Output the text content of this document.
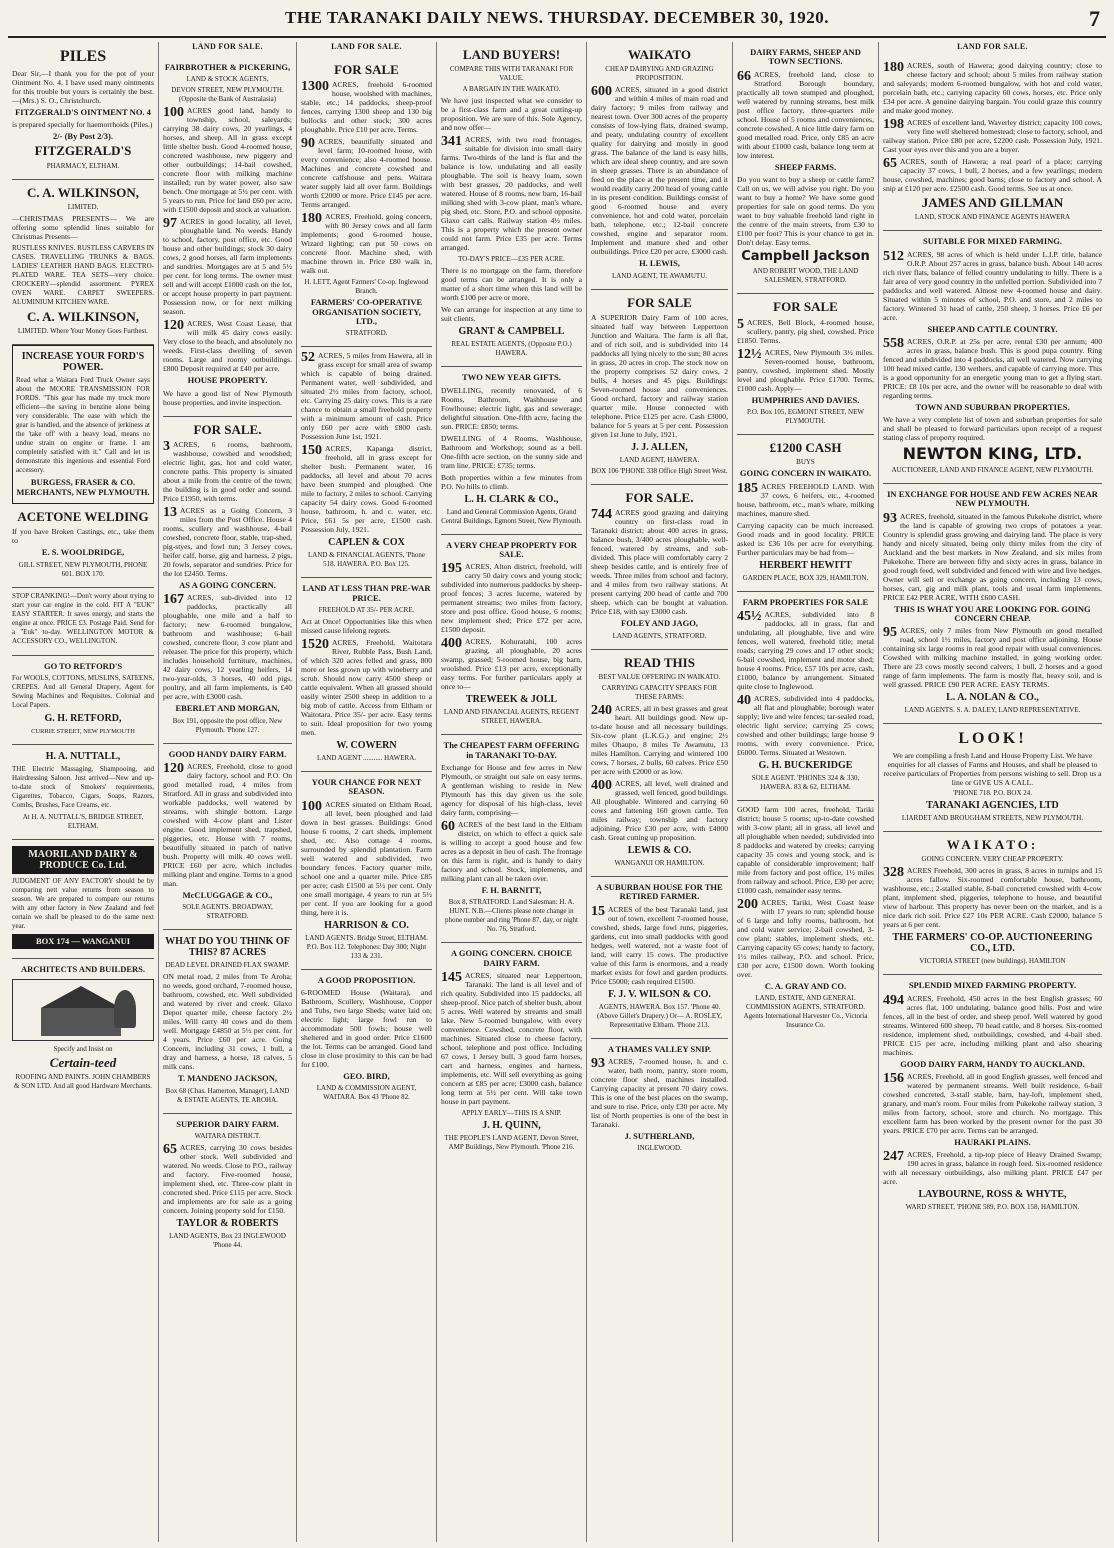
THE TARANAKI DAILY NEWS. THURSDAY. DECEMBER 30, 1920.	7
PILES

Dear Sir,—I thank you for the pot of your Ointment No. 4. I have used many ointments for this trouble but yours is certainly the best.—(Mrs.) S. O., Christchurch.

FITZGERALD'S OINTMENT NO. 4

is prepared specially for haemorrhoids (Piles.)

2/- (By Post 2/3).
FITZGERALD'S

PHARMACY, ELTHAM.

C. A. WILKINSON,

LIMITED.

—CHRISTMAS PRESENTS— We are offering some splendid lines suitable for Christmas Presents—

RUSTLESS KNIVES. RUSTLESS CARVERS IN CASES. TRAVELLING TRUNKS & BAGS. LADIES' LEATHER HAND BAGS. ELECTRO-PLATED WARE. TEA SETS—very choice. CROCKERY—splendid assortment. PYREX OVEN WARE. CARPET SWEEPERS. ALUMINIUM KITCHEN WARE.

C. A. WILKINSON,

LIMITED. Where Your Money Goes Furthest.

INCREASE YOUR FORD'S POWER.

Read what a Waitara Ford Truck Owner says about the MOORE TRANSMISSION FOR FORDS. "This gear has made my truck more efficient—the saving in benzine alone being very considerable. The ease with which the gear is handled, and the absence of jerkiness at the 'take off' with a heavy load, means no undue strain on engine or frame. I am completely satisfied with it." Call and let us demonstrate this ingenious and essential Ford accessory.

BURGESS, FRASER & CO. MERCHANTS, NEW PLYMOUTH.
ACETONE WELDING

If you have Broken Castings, etc., take them to

E. S. WOOLDRIDGE,

GILL STREET, NEW PLYMOUTH, PHONE 601. BOX 170.

STOP CRANKING!—Don't worry about trying to start your car engine in the cold. FIT A "EUK" EASY STARTER. It saves energy, and starts the engine at once. PRICE £3. Postage Paid. Send for a "Euk" to-day. WELLINGTON MOTOR & ACCESSORY CO., WELLINGTON.

GO TO RETFORD'S

For WOOLS, COTTONS, MUSLINS, SATEENS, CREPES. And all General Drapery, Agent for Sewing Machines and Requisites. Colonial and Local Papers.

G. H. RETFORD,

CURRIE STREET, NEW PLYMOUTH

H. A. NUTTALL,

THE Electric Massaging, Shampooing, and Hairdressing Saloon. Just arrived—New and up-to-date stock of Smokers' requirements, Cigarettes, Tobacco, Cigars, Soaps, Razors, Combs, Brushes, Face Creams, etc.

At H. A. NUTTALL'S, BRIDGE STREET, ELTHAM.

MAORILAND DAIRY & PRODUCE Co. Ltd.

JUDGMENT OF ANY FACTORY should be by comparing nett value returns from season to season. We are prepared to compare our returns with any other factory in New Zealand and feel certain we shall be pleased to do the same next year.

BOX 174 — WANGANUI
ARCHITECTS AND BUILDERS.

Specify and Insist on

Certain-teed

ROOFING AND PAINTS. JOHN CHAMBERS & SON LTD. And all good Hardware Merchants.

LAND FOR SALE.
FAIRBROTHER & PICKERING,

LAND & STOCK AGENTS,

DEVON STREET, NEW PLYMOUTH. (Opposite the Bank of Australasia)

100 ACRES good land, handy to township, school, saleyards; carrying 38 dairy cows, 20 yearlings, 4 horses, and sheep. All in grass except little shelter bush. Good 4-roomed house, concreted washhouse, new piggery and other outbuildings; 14-bail cowshed, concrete floor with milking machine installed; run by water power, also saw bench. One mortgage at 5½ per cent. with 5 years to run. Price for land £60 per acre, with £1500 deposit and stock at valuation.

97 ACRES in good locality, all level, ploughable land. No weeds. Handy to school, factory, post office, etc. Good house and other buildings; stock 30 dairy cows, 2 good horses, all farm implements and sundries. Mortgages are at 5 and 5½ per cent. for long terms. The owner must sell and will accept £1000 cash on the lot, or accept house property in part payment. Possession now, or for next milking season.

120 ACRES, West Coast Lease, that will milk 45 dairy cows easily. Very close to the beach, and absolutely no weeds. First-class dwelling of seven rooms. Large and roomy outbuildings. £800 Deposit required at £40 per acre.

HOUSE PROPERTY.

We have a good list of New Plymouth house properties, and invite inspection.

FOR SALE.

3 ACRES, 6 rooms, bathroom, washhouse, cowshed and woodshed; electric light, gas, hot and cold water, concrete paths. This property is situated about a mile from the centre of the town; the building is in good order and sound. Price £1950, with terms.

13 ACRES as a Going Concern, 3 miles from the Post Office. House 4 rooms, scullery and washhouse, 4-bail cowshed, concrete floor, stable, trap-shed, pig-styes, and fowl run; 3 Jersey cows, heifer calf, horse, gig and harness, 2 pigs, 20 fowls, separator and sundries. Price for the lot £2450. Terms.

AS A GOING CONCERN.

167 ACRES, sub-divided into 12 paddocks, practically all ploughable, one mile and a half to factory; new 6-roomed bungalow, bathroom and washhouse; 6-bail cowshed, concrete floor, 3 cow plant and releaser. The price for this property, which includes household furniture, machines, 42 dairy cows, 12 yearling heifers, 14 two-year-olds, 3 horses, 40 odd pigs, poultry, and all farm implements, is £40 per acre, with £3000 cash.

EBERLET AND MORGAN,

Box 191, opposite the post office, New Plymouth. 'Phone 127.

GOOD HANDY DAIRY FARM.

120 ACRES, Freehold, close to good dairy factory, school and P.O. On good metalled road, 4 miles from Stratford. All in grass and subdivided into workable paddocks, well watered by streams, with shingle bottom. Large cowshed with 4-cow plant and Lister engine. Good implement shed, trapshed, piggeries, etc. House with 7 rooms, beautifully situated in patch of native bush. Property will milk 40 cows well. PRICE £60 per acre, which includes milking plant and engine. Terms to a good man.

McCLUGGAGE & CO.,

SOLE AGENTS. BROADWAY, STRATFORD.

WHAT DO YOU THINK OF THIS? 87 ACRES

DEAD LEVEL DRAINED FLAX SWAMP.

ON metal road, 2 miles from Te Aroha; no weeds, good orchard, 7-roomed house, bathroom, cowshed, etc. Well subdivided and watered by river and creek. Glaxo Depot quarter mile, cheese factory 2½ miles. Will carry 40 cows and do them well. Mortgage £4850 at 5½ per cent. for 4 years. Price £60 per acre. Going Concern, including 31 cows, 1 bull, a dray and harness, a horse, 18 calves, 5 milk cans.

T. MANDENO JACKSON,

Box 68 (Chas. Hamerton, Manager), LAND & ESTATE AGENTS, TE AROHA.

SUPERIOR DAIRY FARM.

WAITARA DISTRICT.

65 ACRES, carrying 30 cows besides other stock. Well subdivided and watered. No weeds. Close to P.O., railway and factory. Five-roomed house, implement shed, etc. Three-cow plant in concreted shed. Price £115 per acre. Stock and implements are for sale as a going concern. Joining property sold for £150.

TAYLOR & ROBERTS

LAND AGENTS, Box 23 INGLEWOOD 'Phone 44.

LAND FOR SALE.
FOR SALE

1300 ACRES, freehold 6-roomed house, woolshed with machines, stable, etc.; 14 paddocks, sheep-proof fences, carrying 1300 sheep and 130 big bullocks and other stock; 300 acres ploughable. Price £10 per acre. Terms.

90 ACRES, beautifully situated and level farm; 10-roomed house, with every convenience; also 4-roomed house. Machines and concrete cowshed and concrete calfshouse and pens. Waitara water supply laid all over farm. Buildings worth £2000 or more. Price £145 per acre. Terms arranged.

180 ACRES, Freehold, going concern, with 80 Jersey cows and all farm implements; good 6-roomed house, Wizard lighting; can put 50 cows on concrete floor. Machine shed, with machine thrown in. Price £80 walk in, walk out.

H. LETT, Agent Farmers' Co-op. Inglewood Branch.

FARMERS' CO-OPERATIVE ORGANISATION SOCIETY, LTD.,

STRATFORD.

52 ACRES, 5 miles from Hawera, all in grass except for small area of swamp which is capable of being drained. Permanent water, well subdivided, and situated 2½ miles from factory, school, etc. Carrying 25 dairy cows. This is a rare chance to obtain a small freehold property with a minimum amount of cash. Price only £60 per acre with £800 cash. Possession June 1st, 1921.

150 ACRES, Kapanga district, freehold, all in grass except for shelter bush. Permanent water, 16 paddocks, all level and about 70 acres have been stumped and ploughed. One mile to factory, 2 miles to school. Carrying capacity 54 dairy cows. Good 6-roomed house, bathroom, h. and c. water, etc. Price, £61 5s per acre, £1500 cash. Possession July, 1921.

CAPLEN & COX

LAND & FINANCIAL AGENTS, 'Phone 518. HAWERA. P.O. Box 125.

LAND AT LESS THAN PRE-WAR PRICE.

FREEHOLD AT 35/- PER ACRE.

Act at Once! Opportunities like this when missed cause lifelong regrets.

1520 ACRES, Freehold, Waitotara River, Rubble Pass, Bush Land, of which 320 acres felled and grass, 800 more or less grown up with wineberry and scrub. Should now carry 4500 sheep or cattle equivalent. When all grassed should easily winter 2500 sheep in addition to a big mob of cattle. Access from Eltham or Waitotara. Price 35/- per acre. Easy terms to suit. Ideal proposition for two young men.

W. COWERN

LAND AGENT ........... HAWERA.

YOUR CHANCE FOR NEXT SEASON.

100 ACRES situated on Eltham Road, all level, been ploughed and laid down in best grasses. Buildings: Good house 6 rooms, 2 cart sheds, implement shed, etc. Also cottage 4 rooms, surrounded by splendid plantation. Farm well watered and subdivided, two boundary fences. Factory quarter mile, school one and a quarter mile. Price £85 per acre; cash £1500 at 5½ per cent. Only one small mortgage, 4 years to run at 5½ per cent. If you are looking for a good thing, here it is.

HARRISON & CO.

LAND AGENTS. Bridge Street, ELTHAM. P.O. Box 112. Telephones: Day 300; Night 133 & 231.

A GOOD PROPOSITION.

6-ROOMED House (Waitara), and Bathroom, Scullery, Washhouse, Copper and Tubs, two large Sheds; water laid on; electric light; large fowl run to accommodate 500 fowls; house well sheltered and in good order. Price £1600 the lot. Terms can be arranged. Good land close in close proximity to this can be had for £100.

GEO. BIRD,

LAND & COMMISSION AGENT, WAITARA. Box 43 'Phone 82.

LAND BUYERS!

COMPARE THIS WITH TARANAKI FOR VALUE.

A BARGAIN IN THE WAIKATO.

We have just inspected what we consider to be a first-class farm and a great cutting-up proposition. We are sure of this. Sole Agency, and now offer—

341 ACRES, with two road frontages, suitable for division into small dairy farms. Two-thirds of the land is flat and the balance is low, undulating and all easily ploughable. The soil is heavy loam, sown with best grasses, 20 paddocks, and well watered. House of 8 rooms, new barn, 16-bail milking shed with 3-cow plant, man's whare, pig shed, etc. Store, P.O. and school opposite. Glaxo cart calls. Railway station 4½ miles. This is a property which the present owner could not farm. Price £35 per acre. Terms arranged.

TO-DAY'S PRICE—£35 PER ACRE.

There is no mortgage on the farm, therefore good terms can be arranged. It is only a matter of a short time when this land will be worth £100 per acre or more.

We can arrange for inspection at any time to suit clients.

GRANT & CAMPBELL

REAL ESTATE AGENTS, (Opposite P.O.) HAWERA.

TWO NEW YEAR GIFTS.

DWELLING, recently renovated, of 6 Rooms, Bathroom, Washhouse and Fowlhouse; electric light, gas and sewerage; delightful situation. One-fifth acre, facing the sun. PRICE: £850; terms.

DWELLING of 4 Rooms, Washhouse, Bathroom and Workshop; sound as a bell. One-fifth acre section, on the sunny side and tram line. PRICE: £735; terms.

Both properties within a few minutes from P.O. No hills to climb.

L. H. CLARK & CO.,

Land and General Commission Agents, Grand Central Buildings, Egmont Street, New Plymouth.

A VERY CHEAP PROPERTY FOR SALE.

195 ACRES, Alton district, freehold, will carry 50 dairy cows and young stock; subdivided into numerous paddocks by sheep-proof fences; 3 acres lucerne, watered by permanent streams; two miles from factory, store and post office. Good house, 6 rooms; new implement shed; Price £72 per acre, £1500 deposit.

400 ACRES, Kohuratahi, 100 acres grazing, all ploughable, 20 acres swamp, grassed; 5-roomed house, big barn, woolshed. Price £13 per acre, exceptionally easy terms. For further particulars apply at once to—

TREWEEK & JOLL

LAND AND FINANCIAL AGENTS, REGENT STREET, HAWERA.

The CHEAPEST FARM OFFERING in TARANAKI TO-DAY.

Exchange for House and few acres in New Plymouth, or straight out sale on easy terms. A gentleman wishing to reside in New Plymouth has this day given us the sole agency for disposal of his high-class, level dairy farm, comprising—

60 ACRES of the best land in the Eltham district, on which to effect a quick sale is willing to accept a good house and few acres as a deposit in lieu of cash. The frontage on this farm is right, and is handy to dairy factory and school. Stock, implements, and milking plant can all be taken over.

F. H. BARNITT,

Box 8, STRATFORD. Land Salesman: H. A. HUNT. N.B.—Clients please note change in phone number and ring 'Phone 87, day, or night No. 76, Stratford.

A GOING CONCERN. CHOICE DAIRY FARM.

145 ACRES, situated near Leppertoon, Taranaki. The land is all level and of rich quality. Subdivided into 15 paddocks, all sheep-proof. Nice patch of shelter bush, about 5 acres. Well watered by streams and small lake. New 5-roomed bungalow, with every convenience. Cowshed, concrete floor, with machines. Situated close to cheese factory, school, telephone and post office. Including 67 cows, 1 Jersey bull, 3 good farm horses, cart and harness, engines and harness, implements, etc. Will sell everything as going concern at £85 per acre; £3000 cash, balance long term at 5½ per cent. Will take town house in part payment.

APPLY EARLY—THIS IS A SNIP.

J. H. QUINN,

THE PEOPLE'S LAND AGENT, Devon Street, AMP Buildings, New Plymouth. 'Phone 216.

WAIKATO

CHEAP DAIRYING AND GRAZING PROPOSITION.

600 ACRES, situated in a good district and within 4 miles of main road and dairy factory; 9 miles from railway and nearest town. Over 300 acres of the property consists of low-lying flats, drained swamp, and peaty, undulating country of excellent quality for dairying and mostly in good grass. The balance of the land is easy hills, which are ideal sheep country, and are sown in sheep grasses. There is an abundance of feed on the place at the present time, and it would readily carry 200 head of young cattle in its present condition. Buildings consist of good 6-roomed house and every convenience, hot and cold water, porcelain bath, telephone, etc.; 12-bail concrete cowshed, engine and separator room. Implement and manure shed and other outbuildings. Price £20 per acre, £3000 cash.

H. LEWIS,

LAND AGENT, TE AWAMUTU.

FOR SALE

A SUPERIOR Dairy Farm of 100 acres, situated half way between Leppertoon Junction and Waitara. The farm is all flat, and of rich soil, and is subdivided into 14 paddocks all lying nicely to the sun; 80 acres in grass, 20 acres in crop. The stock now on the property comprises 52 dairy cows, 2 bulls, 4 horses and 45 pigs. Buildings: Seven-roomed house and conveniences. Good orchard, factory and railway station quarter mile. House connected with telephone. Price £125 per acre. Cash £3000, balance for 5 years at 5 per cent. Possession given 1st June to July, 1921.

J. J. ALLEN,

LAND AGENT, HAWERA.

BOX 106 'PHONE 338 Office High Street West.

FOR SALE.

744 ACRES good grazing and dairying country on first-class road in Taranaki district; about 400 acres in grass, balance bush, 3/400 acres ploughable, well-fenced, watered by streams, and sub-divided. This place will comfortably carry 2 sheep besides cattle, and is entirely free of weeds. Three miles from school and factory, and 4 miles from two railway stations. At present carrying 200 head of cattle and 700 sheep, which can be bought at valuation. Price £18, with say £3000 cash.

FOLEY AND JAGO,

LAND AGENTS, STRATFORD.

READ THIS

BEST VALUE OFFERING IN WAIKATO.

CARRYING CAPACITY SPEAKS FOR THESE FARMS:

240 ACRES, all in best grasses and great heart. All buildings good. New up-to-date house and all necessary buildings. Six-cow plant (L.K.G.) and engine; 2½ miles Ohaupo, 8 miles Te Awamutu, 13 miles Hamilton. Carrying and wintered 100 cows, 7 horses, 2 bulls, 60 calves. Price £50 per acre with £2000 or as low.

400 ACRES, all level, well drained and grassed, well fenced, good buildings. All ploughable. Wintered and carrying 60 cows and fattening 160 grown cattle. Ten miles railway; township and factory adjoining. Price £30 per acre, with £4000 cash. Great cutting up proposition.

LEWIS & CO.

WANGANUI OR HAMILTON.

A SUBURBAN HOUSE FOR THE RETIRED FARMER.

15 ACRES of the best Taranaki land, just out of town, excellent 7-roomed house, cowshed, sheds, large fowl runs, piggeries, gardens, cut into small paddocks with good hedges, well watered, not a waste foot of land, will carry 15 cows. The productive value of this farm is enormous, and a ready market exists for fowl and garden products. Price £5000; cash required £1500.

F. J. V. WILSON & CO.

AGENTS, HAWERA. Box 157. 'Phone 40. (Above Gillet's Drapery.) Or— A. ROSLEY, Representative Eltham. 'Phone 213.

A THAMES VALLEY SNIP.

93 ACRES, 7-roomed house, h. and c. water, bath room, pantry, store room, concrete floor shed, machines installed. Carrying capacity at present 70 dairy cows. This is one of the best places on the swamp, and sure to rise. Price, only £30 per acre. My list of North properties is one of the best in Taranaki.

J. SUTHERLAND,

INGLEWOOD.

DAIRY FARMS, SHEEP AND TOWN SECTIONS.

66 ACRES, freehold land, close to Stratford Borough boundary, practically all town stumped and ploughed, well watered by running streams, best milk post office factory, three-quarters mile school. House of 5 rooms and conveniences, concrete cowshed. A nice little dairy farm on good metalled road. Price, only £85 an acre with about £1000 cash, balance long term at low interest.

SHEEP FARMS.

Do you want to buy a sheep or cattle farm? Call on us, we will advise you right. Do you want to buy a home? We have some good properties for sale on good terms. Do you want to buy valuable freehold land right in the centre of the main streets, from £30 to £100 per foot? This is your chance to get in. Don't delay. Easy terms.

Campbell Jackson

AND ROBERT WOOD, THE LAND SALESMEN, STRATFORD.

FOR SALE

5 ACRES, Bell Block, 4-roomed house, scullery, pantry, pig shed, cowshed. Price £1850. Terms.

12½ ACRES, New Plymouth 3½ miles. Seven-roomed house, bathroom, pantry, cowshed, implement shed. Mostly level and ploughable. Price £1700. Terms, £1000 cash. Apply—

HUMPHRIES AND DAVIES.

P.O. Box 105, EGMONT STREET, NEW PLYMOUTH.

£1200 CASH

BUYS

GOING CONCERN IN WAIKATO.

185 ACRES FREEHOLD LAND. With 37 cows, 6 heifers, etc., 4-roomed house, bathroom, etc., man's whare, milking machines, manure shed.

Carrying capacity can be much increased. Good roads and in good locality. PRICE asked is: £36 10s per acre for everything. Further particulars may be had from—

HERBERT HEWITT

GARDEN PLACE, BOX 329, HAMILTON.

FARM PROPERTIES FOR SALE

45½ ACRES, subdivided into 8 paddocks, all in grass, flat and undulating, all ploughable, live and wire fences, well watered, freehold title; metal roads; carrying 29 cows and 17 other stock; 6-bail cowshed, implement and motor shed; house 4 rooms. Price, £57 10s per acre, cash, £1000, balance by arrangement. Situated quite close to Inglewood.

40 ACRES, subdivided into 4 paddocks, all flat and ploughable; borough water supply; live and wire fences; tar-sealed road, electric light service; carrying 25 cows; cowshed and other buildings; large house 9 rooms, with every convenience. Price, £6000. Terms. Situated at Westown.

G. H. BUCKERIDGE

SOLE AGENT. 'PHONES 324 & 330, HAWERA. 83 & 62, ELTHAM.

GOOD farm 100 acres, freehold, Tariki district; house 5 rooms; up-to-date cowshed with 3-cow plant; all in grass, all level and all ploughable when needed; subdivided into 8 paddocks and watered by creeks; carrying capacity 35 cows and young stock, and is capable of considerable improvement; half mile from factory and post office, 1½ miles from railway and school. Price, £30 per acre; £1000 cash, remainder easy terms.

200 ACRES, Tariki, West Coast lease with 17 years to run; splendid house of 6 large and lofty rooms, bathroom, hot and cold water service; 2-bail cowshed, 3-cow plant; stables, implement sheds, etc. Carrying capacity 65 cows; handy to factory, 1½ miles railway, P.O. and school. Price, £30 per acre, £1500 down. Worth looking over.

C. A. GRAY AND CO.

LAND, ESTATE, AND GENERAL COMMISSION AGENTS, STRATFORD. Agents International Harvester Co., Victoria Insurance Co.

LAND FOR SALE.

180 ACRES, south of Hawera; good dairying country; close to cheese factory and school; about 5 miles from railway station and saleyards; modern 6-roomed bungalow, with hot and cold water, porcelain bath, etc.; carrying capacity 60 cows, horses, etc. Price only £34 per acre. A genuine dairying bargain. You could graze this country and make good money.

198 ACRES of excellent land, Waverley district; capacity 100 cows, very fine well sheltered homestead; close to factory, school, and railway station. Price £80 per acre, £2200 cash. Possession July, 1921. Cast your eyes over this and you are a buyer.

65 ACRES, south of Hawera; a real pearl of a place; carrying capacity 37 cows, 1 bull, 2 horses, and a few yearlings; modern house, cowshed, machines; good barns; close to factory and school. A snip at £120 per acre. £2500 cash. Good terms. See us at once.

JAMES AND GILLMAN

LAND, STOCK AND FINANCE AGENTS HAWERA

SUITABLE FOR MIXED FARMING.

512 ACRES, 98 acres of which is held under L.I.P. title, balance O.R.P. About 257 acres in grass, balance bush. About 140 acres rich river flats, balance of felled country undulating to hilly. There is a fair area of very good country in the unfelled portion. Subdivided into 7 paddocks and well watered. Almost new 4-roomed house and dairy. Situated within 5 minutes of school, P.O. and store, and 2 miles to factory. Wintered 31 head of cattle, 250 sheep, 3 horses. Price £6 per acre.

SHEEP AND CATTLE COUNTRY.

558 ACRES, O.R.P. at 25s per acre, rental £30 per annum; 400 acres in grass, balance bush. This is good pupa country. Ring fenced and subdivided into 4 paddocks, all well watered. Now carrying 100 head mixed cattle, 130 wethers, and capable of carrying more. This is a good opportunity for an energetic young man to get a flying start. PRICE: £8 10s per acre, and the owner will be reasonable to deal with regarding terms.

TOWN AND SUBURBAN PROPERTIES.

We have a very complete list of town and suburban properties for sale and shall be pleased to forward particulars upon receipt of a request stating class of property required.

NEWTON KING, LTD.

AUCTIONEER, LAND AND FINANCE AGENT, NEW PLYMOUTH.

IN EXCHANGE FOR HOUSE AND FEW ACRES NEAR NEW PLYMOUTH.

93 ACRES, freehold, situated in the famous Pukekohe district, where the land is capable of growing two crops of potatoes a year. Country is splendid grass growing and dairying land. The place is very handy and nicely situated, being only thirty miles from the city of Auckland and the best markets in New Zealand, and six miles from Pukekohe. There are between fifty and sixty acres in grass, balance in good rough feed, well subdivided and fenced with wire and live hedges. Owner will sell or exchange as going concern, including 13 cows, horses, cart, gig and milk plant, tools and usual farm implements. PRICE £42 PER ACRE, WITH £600 CASH.

THIS IS WHAT YOU ARE LOOKING FOR. GOING CONCERN CHEAP.

95 ACRES, only 7 miles from New Plymouth on good metalled road, school 1½ miles, factory and post office adjoining. House containing six large rooms in real good repair with usual conveniences. Cowshed with milking machine installed, in going working order. There are 23 cows mostly second calvers, 1 bull, 2 horses and a good range of farm implements. The farm is mostly flat, heavy soil, and is well grassed. PRICE £90 PER ACRE. EASY TERMS.

L. A. NOLAN & CO.,

LAND AGENTS. S. A. DALEY, LAND REPRESENTATIVE.

LOOK!

We are compiling a fresh Land and House Property List. We have enquiries for all classes of Farms and Houses, and shall be pleased to receive particulars of Properties from persons wishing to sell. Drop us a line or GIVE US A CALL.

'PHONE 718. P.O. BOX 24.

TARANAKI AGENCIES, LTD

LIARDET AND BROUGHAM STREETS, NEW PLYMOUTH.

WAIKATO:

GOING CONCERN. VERY CHEAP PROPERTY.

328 ACRES Freehold, 300 acres in grass, 8 acres in turnips and 15 acres fallow. Six-roomed comfortable house, bathroom, washhouse, etc.; 2-stalled stable, 8-bail concreted cowshed with 4-cow plant, implement shed, piggeries, telephone to house, and beautiful view of harbour. This property has never been on the market, and is a nice dark rich soil. Price £27 10s PER ACRE. Cash £2000, balance 5 years at 6 per cent.

THE FARMERS' CO-OP. AUCTIONEERING CO., LTD.

VICTORIA STREET (new buildings). HAMILTON

SPLENDID MIXED FARMING PROPERTY.

494 ACRES, Freehold, 450 acres in the best English grasses; 60 acres flat, 100 undulating, balance good hills. Post and wire fences, all in the best of order, and sheep proof. Well watered by good streams. Wintered 600 sheep, 70 head cattle, and 8 horses. Six-roomed residence, implement shed, outbuildings, cowshed, and 4-bail shed. PRICE £15 per acre, including milking plant and also shearing machines.

GOOD DAIRY FARM, HANDY TO AUCKLAND.

156 ACRES, Freehold, all in good English grasses, well fenced and watered by permanent streams. Well built residence, 6-bail cowshed concreted, 3-stall stable, barn, hay-loft, implement shed, granary, and man's room. Four miles from Pukekohe railway station, 3 miles from factory, school, store and church. No mortgage. This excellent farm has been worked by the present owner for the past 30 years. PRICE £70 per acre. Terms can be arranged.

HAURAKI PLAINS.

247 ACRES, Freehold, a tip-top piece of Heavy Drained Swamp; 190 acres in grass, balance in rough feed. Six-roomed residence with all necessary outbuildings, also milking plant. PRICE £47 per acre.

LAYBOURNE, ROSS & WHYTE,

WARD STREET, 'PHONE 589, P.O. BOX 158, HAMILTON.
